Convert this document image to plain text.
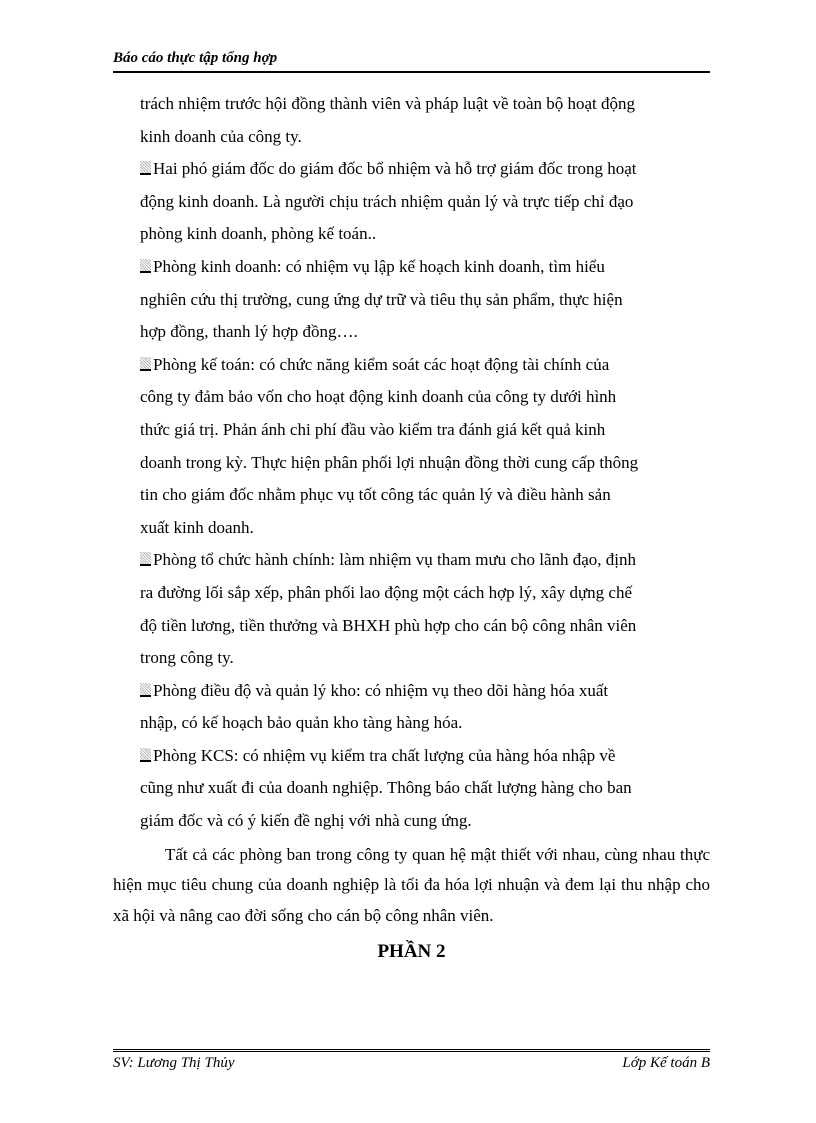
Báo cáo thực tập tổng hợp
trách nhiệm trước hội đồng thành viên và pháp luật về toàn bộ hoạt động
kinh doanh của công ty.
Hai phó giám đốc do giám đốc bổ nhiệm và hỗ trợ giám đốc trong hoạt
động kinh doanh. Là người chịu trách nhiệm quản lý và trực tiếp chỉ đạo
phòng kinh doanh, phòng kế toán..
Phòng kinh doanh: có nhiệm vụ lập kế hoạch kinh doanh, tìm hiểu
nghiên cứu thị trường, cung ứng dự trữ và tiêu thụ sản phẩm, thực hiện
hợp đồng, thanh lý hợp đồng….
Phòng kế toán: có chức năng kiểm soát các hoạt động tài chính của
công ty đảm bảo vốn cho hoạt động kinh doanh của công ty dưới hình
thức giá trị. Phản ánh chi phí đầu vào kiểm tra đánh giá kết quả kinh
doanh trong kỳ. Thực hiện phân phối lợi nhuận đồng thời cung cấp thông
tin cho giám đốc nhằm phục vụ tốt công tác quản lý và điều hành sản
xuất kinh doanh.
Phòng tổ chức hành chính: làm nhiệm vụ tham mưu cho lãnh đạo, định
ra đường lối sắp xếp, phân phối lao động một cách hợp lý, xây dựng chế
độ tiền lương, tiền thưởng và BHXH phù hợp cho cán bộ công nhân viên
trong công ty.
Phòng điều độ và quản lý kho: có nhiệm vụ theo dõi hàng hóa xuất
nhập, có kế hoạch bảo quản kho tàng hàng hóa.
Phòng KCS: có nhiệm vụ kiểm tra chất lượng của hàng hóa nhập về
cũng như xuất đi của doanh nghiệp. Thông báo chất lượng hàng cho ban
giám đốc và có ý kiến đề nghị với nhà cung ứng.

Tất cả các phòng ban trong công ty quan hệ mật thiết với nhau, cùng nhau thực hiện mục tiêu chung của doanh nghiệp là tối đa hóa lợi nhuận và đem lại thu nhập cho xã hội và nâng cao đời sống cho cán bộ công nhân viên.

PHẦN 2
SV: Lương Thị Thủy	Lớp Kế toán B
